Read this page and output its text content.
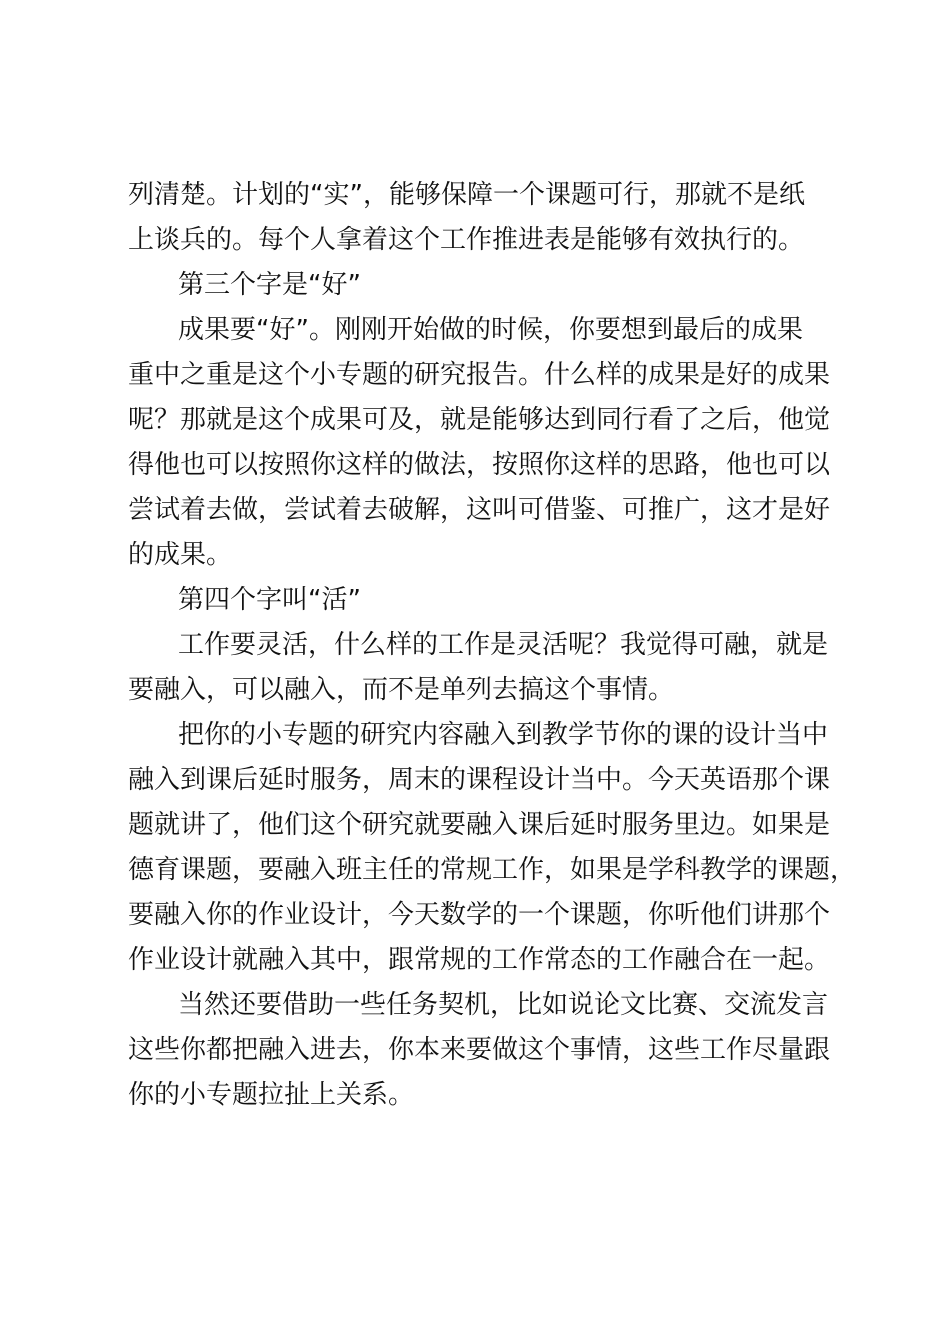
列清楚。计划的“实”，能够保障一个课题可行，那就不是纸
上谈兵的。每个人拿着这个工作推进表是能够有效执行的。
第三个字是“好”
成果要“好”。刚刚开始做的时候，你要想到最后的成果
重中之重是这个小专题的研究报告。什么样的成果是好的成果
呢？那就是这个成果可及，就是能够达到同行看了之后，他觉
得他也可以按照你这样的做法，按照你这样的思路，他也可以
尝试着去做，尝试着去破解，这叫可借鉴、可推广，这才是好
的成果。
第四个字叫“活”
工作要灵活，什么样的工作是灵活呢？我觉得可融，就是
要融入，可以融入，而不是单列去搞这个事情。
把你的小专题的研究内容融入到教学节你的课的设计当中
融入到课后延时服务，周末的课程设计当中。今天英语那个课
题就讲了，他们这个研究就要融入课后延时服务里边。如果是
德育课题，要融入班主任的常规工作，如果是学科教学的课题，
要融入你的作业设计，今天数学的一个课题，你听他们讲那个
作业设计就融入其中，跟常规的工作常态的工作融合在一起。
当然还要借助一些任务契机，比如说论文比赛、交流发言
这些你都把融入进去，你本来要做这个事情，这些工作尽量跟
你的小专题拉扯上关系。
